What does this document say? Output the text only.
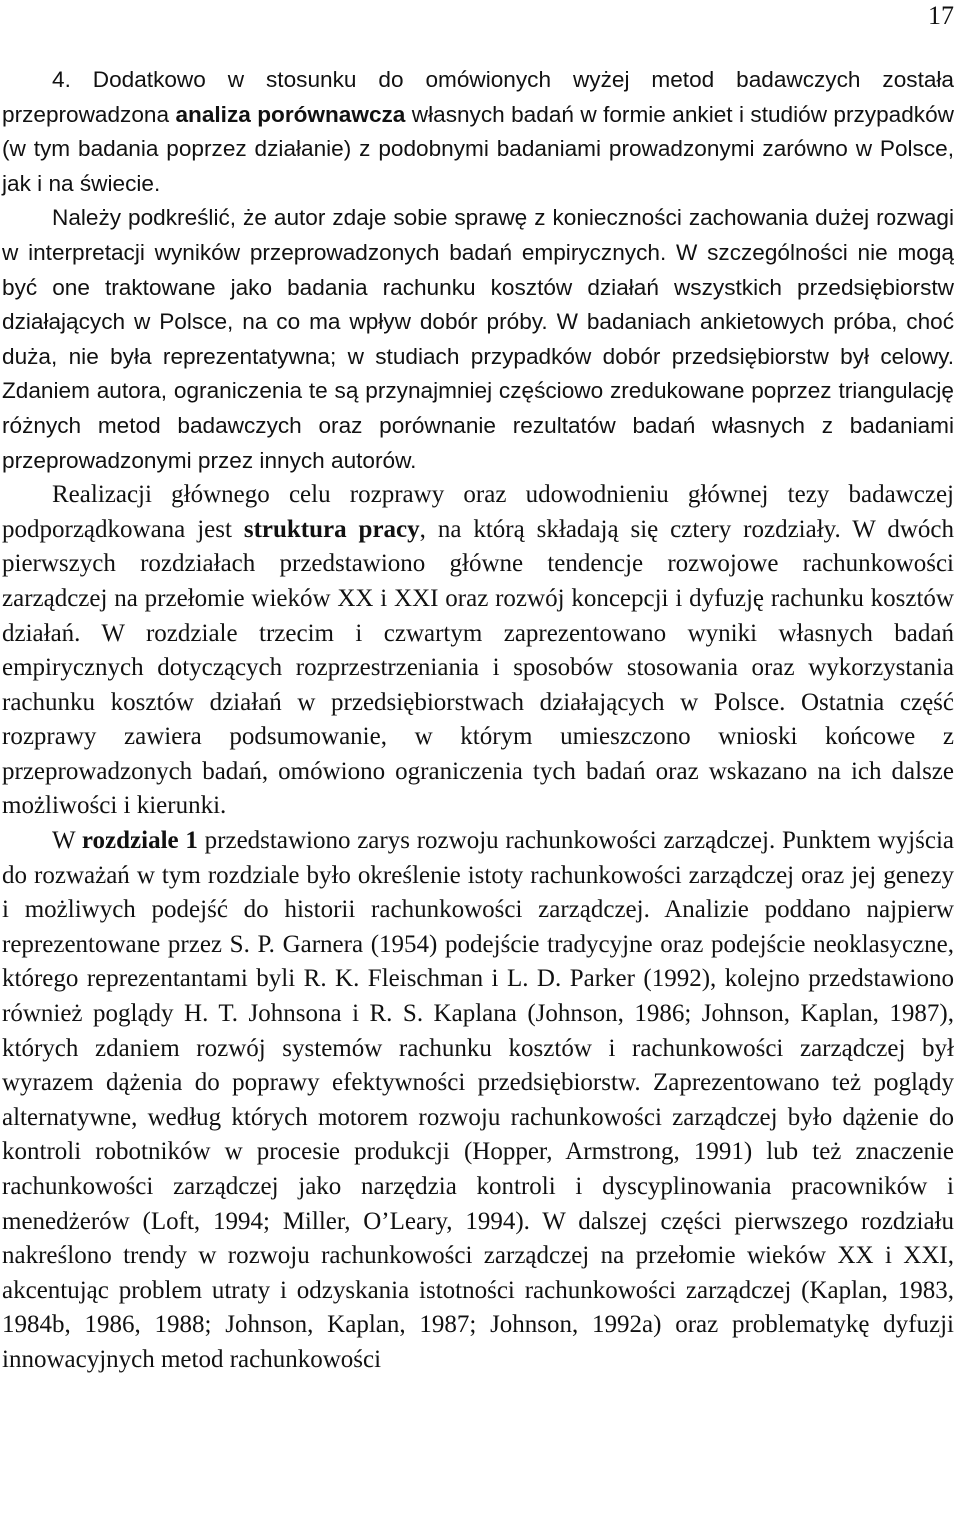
17

4. Dodatkowo w stosunku do omówionych wyżej metod badawczych została przeprowadzona analiza porównawcza własnych badań w formie ankiet i studiów przypadków (w tym badania poprzez działanie) z podobnymi badaniami prowadzonymi zarówno w Polsce, jak i na świecie.

Należy podkreślić, że autor zdaje sobie sprawę z konieczności zachowania dużej rozwagi w interpretacji wyników przeprowadzonych badań empirycznych. W szczególności nie mogą być one traktowane jako badania rachunku kosztów działań wszystkich przedsiębiorstw działających w Polsce, na co ma wpływ dobór próby. W badaniach ankietowych próba, choć duża, nie była reprezentatywna; w studiach przypadków dobór przedsiębiorstw był celowy. Zdaniem autora, ograniczenia te są przynajmniej częściowo zredukowane poprzez triangulację różnych metod badawczych oraz porównanie rezultatów badań własnych z badaniami przeprowadzonymi przez innych autorów.

Realizacji głównego celu rozprawy oraz udowodnieniu głównej tezy badawczej podporządkowana jest struktura pracy, na którą składają się cztery rozdziały. W dwóch pierwszych rozdziałach przedstawiono główne tendencje rozwojowe rachunkowości zarządczej na przełomie wieków XX i XXI oraz rozwój koncepcji i dyfuzję rachunku kosztów działań. W rozdziale trzecim i czwartym zaprezentowano wyniki własnych badań empirycznych dotyczących rozprzestrzeniania i sposobów stosowania oraz wykorzystania rachunku kosztów działań w przedsiębiorstwach działających w Polsce. Ostatnia część rozprawy zawiera podsumowanie, w którym umieszczono wnioski końcowe z przeprowadzonych badań, omówiono ograniczenia tych badań oraz wskazano na ich dalsze możliwości i kierunki.

W rozdziale 1 przedstawiono zarys rozwoju rachunkowości zarządczej. Punktem wyjścia do rozważań w tym rozdziale było określenie istoty rachunkowości zarządczej oraz jej genezy i możliwych podejść do historii rachunkowości zarządczej. Analizie poddano najpierw reprezentowane przez S. P. Garnera (1954) podejście tradycyjne oraz podejście neoklasyczne, którego reprezentantami byli R. K. Fleischman i L. D. Parker (1992), kolejno przedstawiono również poglądy H. T. Johnsona i R. S. Kaplana (Johnson, 1986; Johnson, Kaplan, 1987), których zdaniem rozwój systemów rachunku kosztów i rachunkowości zarządczej był wyrazem dążenia do poprawy efektywności przedsiębiorstw. Zaprezentowano też poglądy alternatywne, według których motorem rozwoju rachunkowości zarządczej było dążenie do kontroli robotników w procesie produkcji (Hopper, Armstrong, 1991) lub też znaczenie rachunkowości zarządczej jako narzędzia kontroli i dyscyplinowania pracowników i menedżerów (Loft, 1994; Miller, O’Leary, 1994). W dalszej części pierwszego rozdziału nakreślono trendy w rozwoju rachunkowości zarządczej na przełomie wieków XX i XXI, akcentując problem utraty i odzyskania istotności rachunkowości zarządczej (Kaplan, 1983, 1984b, 1986, 1988; Johnson, Kaplan, 1987; Johnson, 1992a) oraz problematykę dyfuzji innowacyjnych metod rachunkowości
